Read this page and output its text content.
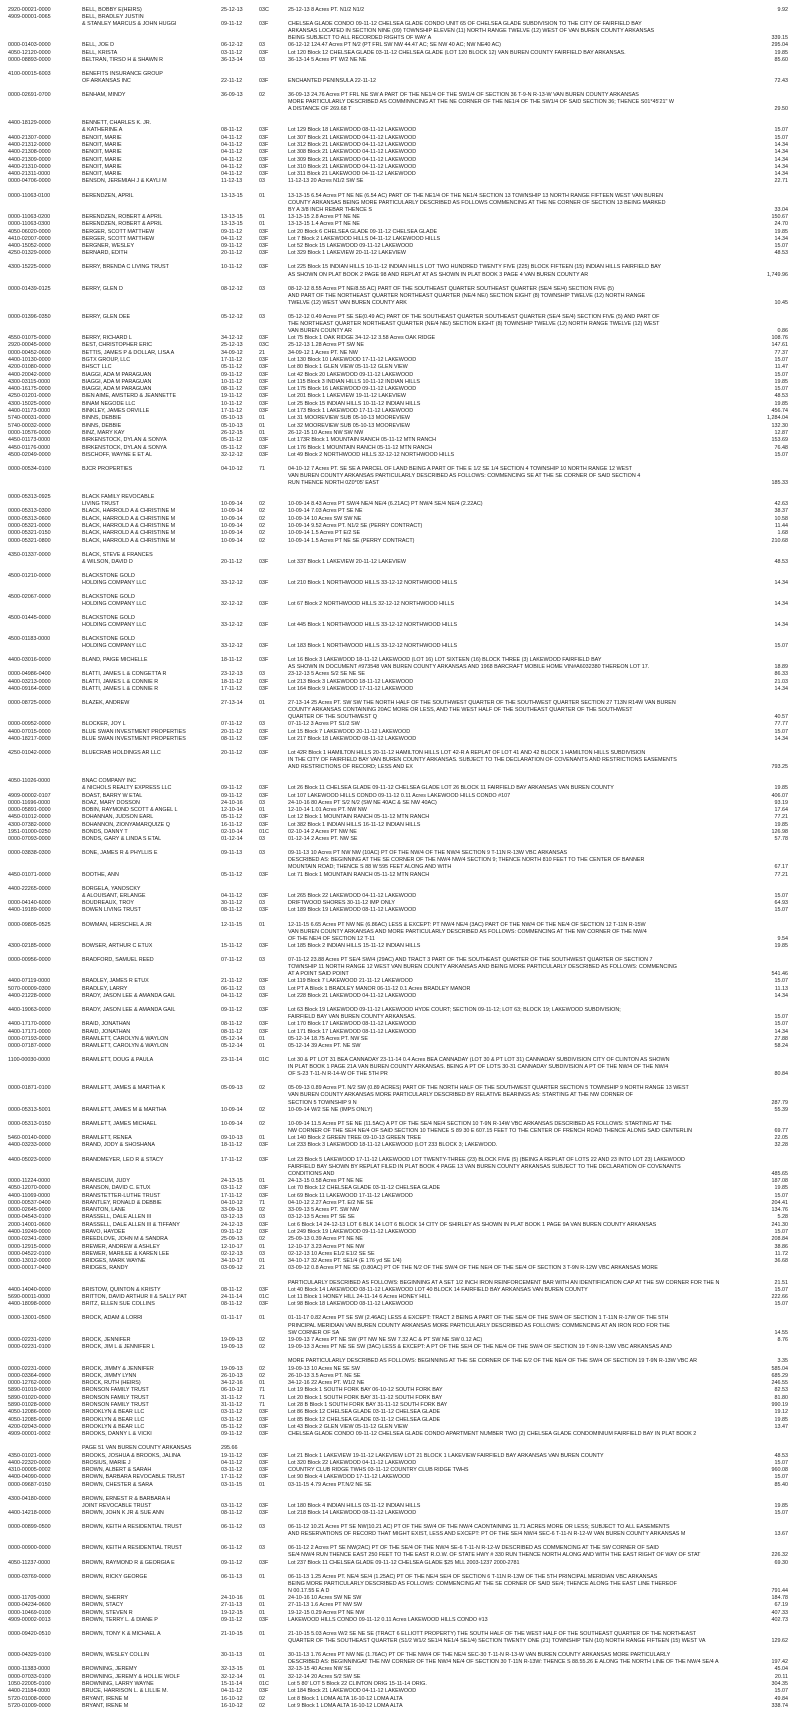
2920-00021-0000	BELL, BOBBY E(HEIRS)	25-12-13	03C	25-12-13 8 Acres PT. N1/2 N1/2	9.92
4909-00001-0065	BELL, BRADLEY JUSTIN
& STANLEY MARCUS & JOHN HUGGI	09-11-12	03F	CHELSEA GLADE CONDO 09-11-12 CHELSEA GLADE CONDO UNIT 65 OF CHELSEA GLADE SUBDIVISION TO THE CITY OF FAIRFIELD BAY
ARKANSAS LOCATED IN SECTION NINE (09) TOWNSHIP ELEVEN (11) NORTH RANGE TWELVE (12) WEST OF VAN BUREN COUNTY ARKANSAS
BEING SUBJECT TO ALL RECORDED RIGHTS OF WAY A	339.15
0000-01403-0000	BELL, JOE D	06-12-12	03	06-12-12 124.47 Acres PT N/2 (PT FRL SW NW 44.47 AC; SE NW 40 AC; NW NE40 AC)	295.04
4050-12120-0000	BELL, KRISTA	03-11-12	03F	Lot 120 Block 12 CHELSEA GLADE 03-11-12 CHELSEA GLADE (LOT 120 BLOCK 12) VAN BUREN COUNTY FAIRFIELD BAY ARKANSAS.	19.85
0000-08893-0000	BELTRAN, TIRSO H & SHAWN R	36-13-14	03	36-13-14 5 Acres PT W/2 NE NE	85.60
4100-00015-6003	BENEFITS INSURANCE GROUP
OF ARKANSAS INC	22-11-12	03F	ENCHANTED PENINSULA 22-11-12	72.43
0000-02691-0700	BENHAM, MINDY	36-09-13	02	36-09-13 24.76 Acres PT FRL NE SW A PART OF THE NE1/4 OF THE SW1/4 OF SECTION 36 T-9-N R-13-W VAN BUREN COUNTY ARKANSAS
MORE PARTICULARLY DESCRIBED AS COMMINNCING AT THE NE CORNER OF THE NE1/4 OF THE SW1/4 OF SAID SECTION 36; THENCE S01*45'21" W
A DISTANCE OF 269.68 T	29.50
4400-18129-0000	BENNETT, CHARLES K. JR.
& KATHERINE A	08-11-12	03F	Lot 129 Block 18 LAKEWOOD 08-11-12 LAKEWOOD	15.07
4400-21307-0000	BENOIT, MARIE	04-11-12	03F	Lot 307 Block 21 LAKEWOOD 04-11-12 LAKEWOOD	15.07
4400-21312-0000	BENOIT, MARIE	04-11-12	03F	Lot 312 Block 21 LAKEWOOD 04-11-12 LAKEWOOD	14.34
4400-21308-0000	BENOIT, MARIE	04-11-12	03F	Lot 308 Block 21 LAKEWOOD 04-11-12 LAKEWOOD	14.34
4400-21309-0000	BENOIT, MARIE	04-11-12	03F	Lot 309 Block 21 LAKEWOOD 04-11-12 LAKEWOOD	14.34
4400-21310-0000	BENOIT, MARIE	04-11-12	03F	Lot 310 Block 21 LAKEWOOD 04-11-12 LAKEWOOD	14.34
4400-21311-0000	BENOIT, MARIE	04-11-12	03F	Lot 311 Block 21 LAKEWOOD 04-11-12 LAKEWOOD	14.34
0000-04706-0000	BENSON, JEREMIAH J & KAYLI M	11-12-13	03	11-12-13 20 Acres N1/2 SW SE	22.71
0000-11063-0100	BERENDZEN, APRIL	13-13-15	01	13-13-15 6.54 Acres PT NE NE (6.54 AC) PART OF THE NE1/4 OF THE NE1/4 SECTION 13 TOWNSHIP 13 NORTH RANGE FIFTEEN WEST VAN BUREN
COUNTY ARKANSAS BEING MORE PARTICULARLY DESCRIBED AS FOLLOWS COMMENCING AT THE NE CORNER OF SECTION 13 BEING MARKED
BY A 3/8 INCH REBAR THENCE S	33.04
0000-11063-0200	BERENDZEN, ROBERT & APRIL	13-13-15	01	13-13-15 2.8 Acres PT NE NE	150.67
0000-11063-0300	BERENDZEN, ROBERT & APRIL	13-13-15	01	13-13-15 1.4 Acres PT NE NE	24.70
4050-06020-0000	BERGER, SCOTT MATTHEW	09-11-12	03F	Lot 20 Block 6 CHELSEA GLADE 09-11-12 CHELSEA GLADE	19.85
4410-02007-0000	BERGER, SCOTT MATTHEW	04-11-12	03F	Lot 7 Block 2 LAKEWOOD HILLS 04-11-12 LAKEWOOD HILLS	14.34
4400-15052-0000	BERGNER, WESLEY	09-11-12	03F	Lot 52 Block 15 LAKEWOOD 09-11-12 LAKEWOOD	15.07
4250-01329-0000	BERNARD, EDITH	20-11-12	03F	Lot 329 Block 1 LAKEVIEW 20-11-12 LAKEVIEW	48.53
4300-15225-0000	BERRY, BRENDA C LIVING TRUST	10-11-12	03F	Lot 225 Block 15 INDIAN HILLS 10-11-12 INDIAN HILLS LOT TWO HUNDRED TWENTY FIVE (225) BLOCK FIFTEEN (15) INDIAN HILLS FAIRFIELD BAY
AS SHOWN ON PLAT BOOK 2 PAGE 98 AND REPLAT AT AS SHOWN IN PLAT BOOK 3 PAGE 4 VAN BUREN COUNTY AR	1,749.96
0000-01439-0125	BERRY, GLEN D	08-12-12	03	08-12-12 8.55 Acres PT NE/8.55 AC) PART OF THE SOUTHEAST QUARTER SOUTHEAST QUARTER (SE/4 SE/4) SECTION FIVE (5)
AND PART OF THE NORTHEAST QUARTER NORTHEAST QUARTER (NE/4 NE/) SECTION EIGHT (8) TOWNSHIP TWELVE (12) NORTH RANGE
TWELVE (12) WEST VAN BUREN COUNTY ARK	10.45
0000-01396-0350	BERRY, GLEN DEE	05-12-12	03	05-12-12 0.49 Acres PT SE SE(0.49 AC) PART OF THE SOUTHEAST QUARTER SOUTHEAST QUARTER (SE/4 SE/4) SECTION FIVE (5) AND PART OF
THE NORTHEAST QUARTER NORTHEAST QUARTER (NE/4 NE/) SECTION EIGHT (8) TOWNSHIP TWELVE (12) NORTH RANGE TWELVE (12) WEST
VAN BUREN COUNTY AR	0.86
4550-01075-0000	BERRY, RICHARD L	34-12-12	03F	Lot 75 Block 1 OAK RIDGE 34-12-12 3.58 Acres OAK RIDGE	108.76
2920-00045-0000	BEST, CHRISTOPHER ERIC	25-12-13	03C	25-12-13 1.28 Acres PT SW NE	147.61
0000-00452-0600	BETTIS, JAMES P & DOLLAR, LISA A	34-09-12	21	34-09-12 1 Acres PT. NE NW	77.37
4400-10130-0000	BGTX GROUP, LLC	17-11-12	03F	Lot 130 Block 10 LAKEWOOD 17-11-12 LAKEWOOD	15.07
4200-01080-0000	BHSCT LLC	05-11-12	03F	Lot 80 Block 1 GLEN VIEW 05-11-12 GLEN VIEW	11.47
4400-20042-0000	BIAGGI, ADA M PARAGUAN	09-11-12	03F	Lot 42 Block 20 LAKEWOOD 09-11-12 LAKEWOOD	15.07
4300-03115-0000	BIAGGI, ADA M PARAGUAN	10-11-12	03F	Lot 115 Block 3 INDIAN HILLS 10-11-12 INDIAN HILLS	19.85
4400-16175-0000	BIAGGI, ADA M PARAGUAN	08-11-12	03F	Lot 175 Block 16 LAKEWOOD 09-11-12 LAKEWOOD	15.07
4250-01201-0000	BIEN AIME, AMSTERD & JEANNETTE	19-11-12	03F	Lot 201 Block 1 LAKEVIEW 19-11-12 LAKEVIEW	48.53
4300-15025-0000	BINAM NEGODE LLC	10-11-12	03F	Lot 25 Block 15 INDIAN HILLS 10-11-12 INDIAN HILLS	19.85
4400-01173-0000	BINKLEY, JAMES ORVILLE	17-11-12	03F	Lot 173 Block 1 LAKEWOOD 17-11-12 LAKEWOOD	456.74
5740-00031-0000	BINNS, DEBBIE	05-10-13	01	Lot 31 MOOREVIEW SUB 05-10-13 MOOREVIEW	1,284.04
5740-00032-0000	BINNS, DEBBIE	05-10-13	01	Lot 32 MOOREVIEW SUB 05-10-13 MOOREVIEW	132.30
0000-10576-0000	BINZ, MARY KAY	26-12-15	01	26-12-15 10 Acres NW SW NW	12.87
4450-01173-0000	BIRKENSTOCK, DYLAN & SONYA	05-11-12	03F	Lot 173R Block 1 MOUNTAIN RANCH 05-11-12 MTN RANCH	153.69
4450-01176-0000	BIRKENSTOCK, DYLAN & SONYA	05-11-12	03F	Lot 176 Block 1 MOUNTAIN RANCH 05-11-12 MTN RANCH	76.48
4500-02049-0000	BISCHOFF, WAYNE E ET AL	32-12-12	03F	Lot 49 Block 2 NORTHWOOD HILLS 32-12-12 NORTHWOOD HILLS	15.07
0000-00534-0100	BJCR PROPERTIES	04-10-12	71	04-10-12 7 Acres PT. SE SE A PARCEL OF LAND BEING A PART OF THE E 1/2 SE 1/4 SECTION 4 TOWNSHIP 10 NORTH RANGE 12 WEST
VAN BUREN COUNTY ARKANSAS PARTICULARLY DESCRIBED AS FOLLOWS: COMMENCING SE AT THE SE CORNER OF SAID SECTION 4
RUN THENCE NORTH 0Z0*05' EAST	185.33
0000-05313-0925	BLACK FAMILY REVOCABLE
LIVING TRUST	10-09-14	02	10-09-14 8.43 Acres PT SW/4 NE/4 NE/4 (6.21AC) PT NW/4 SE/4 NE/4 (2.22AC)	42.63
0000-05313-0300	BLACK, HARROLD A & CHRISTINE M	10-09-14	02	10-09-14 7.03 Acres PT SE NE	38.37
0000-05313-0600	BLACK, HARROLD A & CHRISTINE M	10-09-14	02	10-09-14 10 Acres SW SW NE	10.58
0000-05321-0000	BLACK, HARROLD A & CHRISTINE M	10-09-14	02	10-09-14 9.52 Acres PT. N1/2 SE (PERRY CONTRACT)	11.44
0000-05321-0150	BLACK, HARROLD A & CHRISTINE M	10-09-14	02	10-09-14 1.5 Acres PT E/2 SE	1.68
0000-05321-0800	BLACK, HARROLD A & CHRISTINE M	10-09-14	02	10-09-14 1.5 Acres PT NE SE (PERRY CONTRACT)	210.68
4350-01337-0000	BLACK, STEVE & FRANCES
& WILSON, DAVID D	20-11-12	03F	Lot 337 Block 1 LAKEVIEW 20-11-12 LAKEVIEW	48.53
4500-01210-0000	BLACKSTONE GOLD
HOLDING COMPANY LLC	33-12-12	03F	Lot 210 Block 1 NORTHWOOD HILLS 33-12-12 NORTHWOOD HILLS	14.34
4500-02067-0000	BLACKSTONE GOLD
HOLDING COMPANY LLC	32-12-12	03F	Lot 67 Block 2 NORTHWOOD HILLS 32-12-12 NORTHWOOD HILLS	14.34
4500-01445-0000	BLACKSTONE GOLD
HOLDING COMPANY LLC	33-12-12	03F	Lot 445 Block 1 NORTHWOOD HILLS 33-12-12 NORTHWOOD HILLS	14.34
4500-01183-0000	BLACKSTONE GOLD
HOLDING COMPANY LLC	33-12-12	03F	Lot 183 Block 1 NORTHWOOD HILLS 33-12-12 NORTHWOOD HILLS	15.07
4400-03016-0000	BLAND, PAIGE MICHELLE	18-11-12	03F	Lot 16 Block 3 LAKEWOOD 18-11-12 LAKEWOOD (LOT 16) LOT SIXTEEN (16) BLOCK THREE (3) LAKEWOOD FAIRFIELD BAY
AS SHOWN IN DOCUMENT #973548 VAN BUREN COUNTY ARKANSAS AND 1968 BARCRAFT MOBILE HOME VIN#A6032380 THEREON LOT 17.	18.89
0000-04986-0400	BLATTI, JAMES L & CONGETTA R	23-12-13	03	23-12-13 5 Acres S/2 SE NE SE	86.33
4400-03213-0000	BLATTI, JAMES L & CONNIE R	18-11-12	03F	Lot 213 Block 3 LAKEWOOD 18-11-12 LAKEWOOD	21.03
4400-09164-0000	BLATTI, JAMES L & CONNIE R	17-11-12	03F	Lot 164 Block 9 LAKEWOOD 17-11-12 LAKEWOOD	14.34
0000-08725-0000	BLAZEK, ANDREW	27-13-14	01	27-13-14 25 Acres PT. SW SW THE NORTH HALF OF THE SOUTHWEST QUARTER OF THE SOUTHWEST QUARTER SECTION 27 T13N R14W VAN BUREN
COUNTY ARKANSAS CONTAINING 20AC MORE OR LESS, AND THE WEST HALF OF THE SOUTHEAST QUARTER OF THE SOUTHWEST
QUARTER OF THE SOUTHWEST Q	40.57
0000-00952-0000	BLOCKER, JOY L	07-11-12	03	07-11-12 3 Acres PT S1/2 SW	77.77
4400-07015-0000	BLUE SWAN INVESTMENT PROPERTIES	20-11-12	03F	Lot 15 Block 7 LAKEWOOD 20-11-12 LAKEWOOD	15.07
4400-18217-0000	BLUE SWAN INVESTMENT PROPERTIES	08-11-12	03F	Lot 217 Block 18 LAKEWOOD 08-11-12 LAKEWOOD	14.34
4250-01042-0000	BLUECRAB HOLDINGS AR LLC	20-11-12	03F	Lot 42R Block 1 HAMILTON HILLS 20-11-12 HAMILTON HILLS LOT 42-R A REPLAT OF LOT 41 AND 42 BLOCK 1 HAMILTON HILLS SUBDIVISION
IN THE CITY OF FAIRFIELD BAY VAN BUREN COUNTY ARKANSAS. SUBJECT TO THE DECLARATION OF COVENANTS AND RESTRICTIONS EASEMENTS
AND RESTRICTIONS OF RECORD; LESS AND EX	793.25
4050-11026-0000	BNAC COMPANY INC
& NICHOLS REALTY EXPRESS LLC	09-11-12	03F	Lot 26 Block 11 CHELSEA GLADE 09-11-12 CHELSEA GLADE LOT 26 BLOCK 11 FAIRFIELD BAY ARKANSAS VAN BUREN COUNTY	19.85
4909-00002-0107	BOAST, BARRY W ETAL	09-11-12	03F	Lot 107 LAKEWOOD HILLS CONDO 09-11-12 0.11 Acres LAKEWOOD HILLS CONDO #107	406.07
0000-11696-0000	BOAZ, MARY DOSSON	24-10-16	03	24-10-16 80 Acres PT S/2 N/2 (SW NE 40AC & SE NW 40AC)	93.19
0000-05891-0000	BOBIN, RAYMOND SCOTT & ANGEL L	12-10-14	01	12-10-14 1.01 Acres PT. NW NW	17.64
4450-01012-0000	BOHANNAN, JUDSON EARL	05-11-12	03F	Lot 12 Block 1 MOUNTAIN RANCH 05-11-12 MTN RANCH	77.21
4300-07382-0000	BOHANNON, ZIONYAMARQUIZE Q	16-11-12	03F	Lot 382 Block 1 INDIAN HILLS 16-11-12 INDIAN HILLS	19.85
1951-01000-0250	BONDS, DANNY T	02-10-14	01C	02-10-14 2 Acres PT NW NE	126.98
0000-07093-0000	BONDS, GARY & LINDA S ETAL	01-12-14	03	01-12-14 2 Acres PT. NW SE	57.78
0000-03838-0300	BONE, JAMES R & PHYLLIS E	09-11-13	03	09-11-13 10 Acres PT NW NW (10AC) PT OF THE NW/4 OF THE NW/4 SECTION 9 T-11N R-13W VBC ARKANSAS
DESCRIBED AS: BEGINNING AT THE SE CORNER OF THE NW/4 NW/4 SECTION 9; THENCE NORTH 810 FEET TO THE CENTER OF BANNER
MOUNTAIN ROAD; THENCE S 88 W 595 FEET ALONG AND WITH	67.17
4450-01071-0000	BOOTHE, ANN	05-11-12	03F	Lot 71 Block 1 MOUNTAIN RANCH 05-11-12 MTN RANCH	77.21
4400-22265-0000	BORGELA, YANOSCKY
& ALOUISANT, ERLANGE	04-11-12	03F	Lot 265 Block 22 LAKEWOOD 04-11-12 LAKEWOOD	15.07
0000-04140-6000	BOUDREAUX, TROY	30-11-12	03	DRIFTWOOD SHORES 30-11-12 IMP ONLY	64.93
4400-19189-0000	BOWEN LIVING TRUST	08-11-12	03F	Lot 189 Block 19 LAKEWOOD 08-11-12 LAKEWOOD	15.07
0000-09805-0525	BOWMAN, HERSCHEL A JR	12-11-15	01	12-11-15 6.65 Acres PT NW NE (6.86AC) LESS & EXCEPT: PT NW/4 NE/4 (3AC) PART OF THE NW/4 OF THE NE/4 OF SECTION 12 T-11N R-15W
VAN BUREN COUNTY ARKANSAS AND MORE PARTICULARLY DESCRIBED AS FOLLOWS: COMMENCING AT THE NW CORNER OF THE NW/4
OF THE NE/4 OF SECTION 12 T-11	9.54
4300-02185-0000	BOWSER, ARTHUR C ETUX	15-11-12	03F	Lot 185 Block 2 INDIAN HILLS 15-11-12 INDIAN HILLS	19.85
0000-00956-0000	BRADFORD, SAMUEL REED	07-11-12	03	07-11-12 23.88 Acres PT SE/4 SW/4 (29AC) AND TRACT 3 PART OF THE SOUTHEAST QUARTER OF THE SOUTHWEST QUARTER OF SECTION 7
TOWNSHIP 11 NORTH RANGE 12 WEST VAN BUREN COUNTY ARKANSAS AND BEING MORE PARTICULARLY DESCRIBED AS FOLLOWS: COMMENCING
AT A POINT SAID POINT	541.46
4400-07119-0000	BRADLEY, JAMES R ETUX	21-11-12	03F	Lot 119 Block 7 LAKEWOOD 21-11-12 LAKEWOOD	15.07
5070-00009-0300	BRADLEY, LARRY	06-11-12	03	Lot PT A Block 1 BRADLEY MANOR 06-11-12 0.1 Acres BRADLEY MANOR	11.13
4400-21228-0000	BRADY, JASON LEE & AMANDA GAIL	04-11-12	03F	Lot 228 Block 21 LAKEWOOD 04-11-12 LAKEWOOD	14.34
4400-19063-0000	BRADY, JASON LEE & AMANDA GAIL	09-11-12	03F	Lot 63 Block 19 LAKEWOOD 09-11-12 LAKEWOOD HYDE COURT; SECTION 09-11-12; LOT 63; BLOCK 19; LAKEWOOD SUBDIVISION;
FAIRFIELD BAY VAN BUREN COUNTY ARKANSAS.	15.07
4400-17170-0000	BRAID, JONATHAN	08-11-12	03F	Lot 170 Block 17 LAKEWOOD 08-11-12 LAKEWOOD	15.07
4400-17171-0000	BRAID, JONATHAN	08-11-12	03F	Lot 171 Block 17 LAKEWOOD 08-11-12 LAKEWOOD	14.34
0000-07193-0000	BRAMLETT, CAROLYN & WAYLON	05-12-14	01	05-12-14 18.75 Acres PT. NW SE	27.88
0000-07187-0000	BRAMLETT, CAROLYN & WAYLON	05-12-14	01	05-12-14 39 Acres PT. NE SW	58.24
1100-00030-0000	BRAMLETT, DOUG & PAULA	23-11-14	01C	Lot 30 & PT LOT 31 BEA CANNADAY 23-11-14 0.4 Acres BEA CANNADAY (LOT 30 & PT LOT 31) CANNADAY SUBDIVISION CITY OF CLINTON AS SHOWN
IN PLAT BOOK 1 PAGE 21A VAN BUREN COUNTY ARKANSAS. BEING A PT OF LOTS 30-31 CANNADAY SUBDIVISION A PT OF THE NW/4 OF THE NW/4
OF S-23 T-11-N R-14-W OF THE 5TH PR	80.84
0000-01871-0100	BRAMLETT, JAMES & MARTHA K	05-09-13	02	05-09-13 0.89 Acres PT. N/2 SW (0.89 ACRES) PART OF THE NORTH HALF OF THE SOUTHWEST QUARTER SECTION 5 TOWNSHIP 9 NORTH RANGE 13 WEST
VAN BUREN COUNTY ARKANSAS MORE PARTICULARLY DESCRIBED BY RELATIVE BEARINGS AS: STARTING AT THE NW CORNER OF
SECTION 5 TOWNSHIP 9 N	287.79
0000-05313-5001	BRAMLETT, JAMES M & MARTHA	10-09-14	02	10-09-14 W/2 SE NE (IMPS ONLY)	55.39
0000-05313-0150	BRAMLETT, JAMES MICHAEL	10-09-14	02	10-09-14 11.5 Acres PT SE NE (11.5AC) A PT OF THE SE/4 NE/4 SECTION 10 T-9N R-14W VBC ARKANSAS DESCRIBED AS FOLLOWS: STARTING AT THE
NW CORNER OF THE SE/4 NE/4 OF SAID SECTION 10 THENCE S 89 30 E 607.15 FEET TO THE CENTER OF FRENCH ROAD THENCE ALONG SAID CENTERLIN	69.77
5460-00140-0000	BRAMLETT, RENEA	09-10-13	01	Lot 140 Block 2 GREEN TREE 09-10-13 GREEN TREE	22.05
4400-03233-0000	BRAND, JODY & SHOSHANA	18-11-12	03F	Lot 233 Block 3 LAKEWOOD 18-11-12 LAKEWOOD (LOT 233 BLOCK 3; LAKEWOOD.	32.28
4400-05023-0000	BRANDMEYER, LEO R & STACY	17-11-12	03F	Lot 23 Block 5 LAKEWOOD 17-11-12 LAKEWOOD LOT TWENTY-THREE (23) BLOCK FIVE (5) (BEING A REPLAT OF LOTS 22 AND 23 INTO LOT 23) LAKEWOOD
FAIRFIELD BAY SHOWN BY REPLAT FILED IN PLAT BOOK 4 PAGE 13 VAN BUREN COUNTY ARKANSAS SUBJECT TO THE DECLARATION OF COVENANTS
CONDITIONS AND	485.65
0000-11224-0000	BRANSCUM, JUDY	24-13-15	01	24-13-15 0.58 Acres PT NE NE	187.08
4050-12070-0000	BRANSON, DAVID C. ETUX	03-11-12	03F	Lot 70 Block 12 CHELSEA GLADE 03-11-12 CHELSEA GLADE	19.85
4400-11069-0000	BRANSTETTER-LUTHE TRUST	17-11-12	03F	Lot 69 Block 11 LAKEWOOD 17-11-12 LAKEWOOD	15.07
0000-00537-0400	BRANTLEY, RONALD & DEBBIE	04-10-12	71	04-10-12 2.27 Acres PT. E/2 NE SE	204.41
0000-02645-0000	BRANTON, LANE	33-09-13	02	33-09-13 5 Acres PT. SW NW	134.76
0000-04543-0100	BRASSELL, DALE ALLEN III	03-12-13	03	03-12-13 5 Acres PT SE SE	5.28
2000-14001-0600	BRASSELL, DALE ALLEN III & TIFFANY	24-12-13	03F	Lot 6 Block 14 24-12-13 LOT 6 BLK 14 LOT 6 BLOCK 14 CITY OF SHIRLEY AS SHOWN IN PLAT BOOK 1 PAGE 9A VAN BUREN COUNTY ARKANSAS	241.30
4400-19249-0000	BRAVO, HAYDEE	09-11-12	03F	Lot 249 Block 19 LAKEWOOD 09-11-12 LAKEWOOD	15.07
0000-02341-0300	BREEDLOVE, JOHN M & SANDRA	25-09-13	02	25-09-13 0.39 Acres PT NE NE	208.84
0000-12915-0000	BREWER, ANDREW & ASHLEY	12-10-17	01	12-10-17 3.23 Acres PT NE NW	38.86
0000-04522-0100	BREWER, MARILEE & KAREN LEE	02-12-13	03	02-12-13 10 Acres E1/2 E1/2 SE SE	11.72
0000-13012-0000	BRIDGES, MARK WAYNE	34-10-17	01	34-10-17 32 Acres PT. SE1/4 (E 176 yd SE 1/4)	36.68
0000-00017-0400	BRIDGES, RANDY	03-09-12	21	03-09-12 0.8 Acres PT NE SE (0.80AC) PT OF THE N/2 OF THE SW/4 OF THE NE/4 OF THE SE/4 OF SECTION 3 T-9N R-12W VBC ARKANSAS MORE
PARTICULARLY DESCRIBED AS FOLLOWS: BEGINNING AT A SET 1/2 INCH IRON REINFORCEMENT BAR WITH AN IDENTIFICATION CAP AT THE SW CORNER FOR THE N	21.51
4400-14040-0000	BRISTOW, QUINTON & KRISTY	08-11-12	03F	Lot 40 Block 14 LAKEWOOD 08-11-12 LAKEWOOD LOT 40 BLOCK 14 FAIRFIELD BAY ARKANSAS VAN BUREN COUNTY	15.07
5690-00011-0000	BRITTON, DAVID ARTHUR II & SALLY PAT	24-11-14	01C	Lot 11 Block 1 HONEY HILL 24-11-14 6 Acres HONEY HILL	222.66
4400-18098-0000	BRITZ, ELLEN SUE COLLINS	08-11-12	03F	Lot 98 Block 18 LAKEWOOD 08-11-12 LAKEWOOD	15.07
0000-13001-0500	BROCK, ADAM & LORRI	01-11-17	01	01-11-17 0.82 Acres PT SE SW (2.46AC) LESS & EXCEPT: TRACT 2 BEING A PART OF THE SE/4 OF THE SW/4 OF SECTION 1 T-11N R-17W OF THE 5TH
PRINCIPAL MERIDIAN VAN BUREN COUNTY ARKANSAS MORE PARTICULARLY DESCRIBED AS FOLLOWS: COMMENCING AT AN IRON ROD FOR THE
SW CORNER OF SA	14.55
0000-02231-0200	BROCK, JENNIFER	19-09-13	02	19-09-13 7 Acres PT NE SW (PT NW NE SW 7.32 AC & PT SW NE SW 0.12 AC)	8.76
0000-02231-0100	BROCK, JIM L & JENNIFER L	19-09-13	02	19-09-13 3 Acres PT NE SE SW (3AC) LESS & EXCEPT: A PT OF THE SE/4 OF THE NE/4 OF THE SW/4 OF SECTION 19 T-9N R-13W VBC ARKANSAS AND
MORE PARTICULARLY DESCRIBED AS FOLLOWS: BEGINNING AT THE SE CORNER OF THE E/2 OF THE NE/4 OF THE SW/4 OF SECTION 19 T-9N R-13W VBC AR	3.35
0000-02231-0000	BROCK, JIMMY & JENNIFER	19-09-13	02	19-09-13 10 Acres NE SE SW	585.04
0000-03364-0900	BROCK, JIMMY LYNN	26-10-13	02	26-10-13 3.5 Acres PT. NE SE	685.29
0000-12762-0000	BROCK, RUTH (HEIRS)	34-12-16	01	34-12-16 22 Acres PT. W1/2 NE	246.55
5890-01019-0000	BRONSON FAMILY TRUST	06-10-12	71	Lot 19 Block 1 SOUTH FORK BAY 06-10-12 SOUTH FORK BAY	82.53
5890-01020-0000	BRONSON FAMILY TRUST	31-11-12	71	Lot 20 Block 1 SOUTH FORK BAY 31-11-12 SOUTH FORK BAY	81.80
5890-01028-0000	BRONSON FAMILY TRUST	31-11-12	71	Lot 28 B Block 1 SOUTH FORK BAY 31-11-12 SOUTH FORK BAY	990.19
4050-12086-0000	BROOKLYN & BEAR LLC	03-11-12	03F	Lot 86 Block 12 CHELSEA GLADE 03-11-12 CHELSEA GLADE	19.12
4050-12085-0000	BROOKLYN & BEAR LLC	03-11-12	03F	Lot 85 Block 12 CHELSEA GLADE 03-11-12 CHELSEA GLADE	19.85
4200-02043-0000	BROOKLYN & BEAR LLC	05-11-12	03F	Lot 43 Block 2 GLEN VIEW 05-11-12 GLEN VIEW	13.47
4909-00001-0002	BROOKS, DANNY L & VICKI	09-11-12	03F	CHELSEA GLADE CONDO 09-11-12 CHELSEA GLADE CONDO APARTMENT NUMBER TWO (2) CHELSEA GLADE CONDOMINIUM FAIRFIELD BAY IN PLAT BOOK 2
PAGE 51 VAN BUREN COUNTY ARKANSAS	295.66
4350-01021-0000	BROOKS, JOSHUA & BROOKS, JALINA	19-11-12	03F	Lot 21 Block 1 LAKEVIEW 19-11-12 LAKEVIEW LOT 21 BLOCK 1 LAKEVIEW FAIRFIELD BAY ARKANSAS VAN BUREN COUNTY	48.53
4400-22320-0000	BROSIUS, MARIE J	04-11-12	03F	Lot 320 Block 22 LAKEWOOD 04-11-12 LAKEWOOD	15.07
4310-00005-0002	BROWN, ALBERT & SARAH	03-11-12	03F	COUNTRY CLUB RIDGE TWHS 03-11-12 COUNTRY CLUB RIDGE TWHS	960.08
4400-04090-0000	BROWN, BARBARA REVOCABLE TRUST	17-11-12	03F	Lot 90 Block 4 LAKEWOOD 17-11-12 LAKEWOOD	15.07
0000-09687-0150	BROWN, CHESTER & SARA	03-11-15	01	03-11-15 4.79 Acres PT.N/2 NE SE	85.40
4300-04180-0000	BROWN, ERNEST R & BARBARA H
JOINT REVOCABLE TRUST	03-11-12	03F	Lot 180 Block 4 INDIAN HILLS 03-11-12 INDIAN HILLS	19.85
4400-14218-0000	BROWN, JOHN K JR & SUE ANN	08-11-12	03F	Lot 218 Block 14 LAKEWOOD 08-11-12 LAKEWOOD	15.07
0000-00899-0500	BROWN, KEITH A RESIDENTIAL TRUST	06-11-12	03	06-11-12 10.21 Acres PT SE NW(10.21 AC) PT OF THE SW/4 OF THE NW/4 CAONTAINING 11.71 ACRES MORE OR LESS; SUBJECT TO ALL EASEMENTS
AND RESERVATIONS OF RECORD THAT MIGHT EXIST, LESS AND EXCEPT: PT OF THE SE/4 NW/4 SEC-6 T-11-N R-12-W VAN BUREN COUNTY ARKANSAS M	13.67
0000-00900-0000	BROWN, KEITH A RESIDENTIAL TRUST	06-11-12	03	06-11-12 2 Acres PT SE NW(2AC) PT OF THE SE/4 OF THE NW/4 SE-6 T-11-N R-12-W DESCRIBED AS COMMENCING AT THE SW CORNER OF SAID
SE/4 NW/4 RUN THENCE EAST 250 FEET TO THE EAST R.O.W. OF STATE HWY # 330 RUN THENCE NORTH ALONG AND WITH THE EAST RIGHT OF WAY OF STAT	226.32
4050-11237-0000	BROWN, RAYMOND R & GEORGIA E	09-11-12	03F	Lot 237 Block 11 CHELSEA GLADE 09-11-12 CHELSEA GLADE $25 MLL 2003-1237 2000-2781	69.30
0000-03769-0000	BROWN, RICKY GEORGE	06-11-13	01	06-11-13 1.25 Acres PT. NE/4 SE/4 (1.25AC) PT OF THE NE/4 SE/4 OF SECTION 6 T-11N R-13W OF THE 5TH PRINCIPAL MERIDIAN VBC ARKANSAS
BEING MORE PARTICULARLY DESCRIBED AS FOLLOWS: COMMENCING AT THE SE CORNER OF SAID SE/4; THENCE ALONG THE EAST LINE THEREOF
N 00.17.55 E A D	791.44
0000-11705-0000	BROWN, SHERRY	24-10-16	01	24-10-16 10 Acres SW NE SW	184.78
0000-04234-0600	BROWN, STACY	27-11-13	01	27-11-13 1.6 Acres PT NW SW	67.19
0000-10469-0100	BROWN, STEVEN R	19-12-15	01	19-12-15 0.29 Acres PT NE NW	407.33
4909-00002-0013	BROWN, TERRY L. & DIANE P	09-11-12	03F	LAKEWOOD HILLS CONDO 09-11-12 0.11 Acres LAKEWOOD HILLS CONDO #13	402.73
0000-09420-0510	BROWN, TONY K & MICHAEL A	21-10-15	01	21-10-15 5.03 Acres W/2 SE NE SE (TRACT 6 ELLIOTT PROPERTY) THE SOUTH HALF OF THE WEST HALF OF THE SOUTHEAST QUARTER OF THE NORTHEAST
QUARTER OF THE SOUTHEAST QUARTER (S1/2 W1/2 SE1/4 NE1/4 SE1/4) SECTION TWENTY ONE (21) TOWNSHIP TEN (10) NORTH RANGE FIFTEEN (15) WEST VA	129.62
0000-04329-0100	BROWN, WESLEY COLLIN	30-11-13	01	30-11-13 1.76 Acres PT NW NE (1.76AC) PT OF THE NW/4 OF THE NE/4 SEC-30 T-11-N R-13-W VAN BUREN COUNTY ARKANSAS MORE PARTICULARLY
DESCRIBED AS: BEGINNINGAT THE NW CORNER OF THE NW/4 NE/4 OF SECTION 30 T-11N R-13W: THENCE S 88.55.26 E ALONG THE NORTH LINE OF THE NW/4 SE/4 A	197.42
0000-11383-0000	BROWNING, JEREMY	32-13-15	01	32-13-15 40 Acres NW SE	45.04
0000-07033-0100	BROWNING, JEREMY & HOLLIE WOLF	32-12-14	01	32-12-14 20 Acres S/2 SW SE	20.11
1050-22005-0100	BROWNING, LARRY WAYNE	15-11-14	01C	Lot 5 80' LOT 5 Block 22 CLINTON ORIG 15-11-14 ORIG.	304.35
4400-21184-0000	BRUCE, HARRISON L. & LILLIE M.	04-11-12	03F	Lot 184 Block 21 LAKEWOOD 04-11-12 LAKEWOOD	15.07
5720-01008-0000	BRYANT, IRENE M	16-10-12	02	Lot 8 Block 1 LOMA ALTA 16-10-12 LOMA ALTA	49.84
5720-01009-0000	BRYANT, IRENE M	16-10-12	02	Lot 9 Block 1 LOMA ALTA 16-10-12 LOMA ALTA	338.74
